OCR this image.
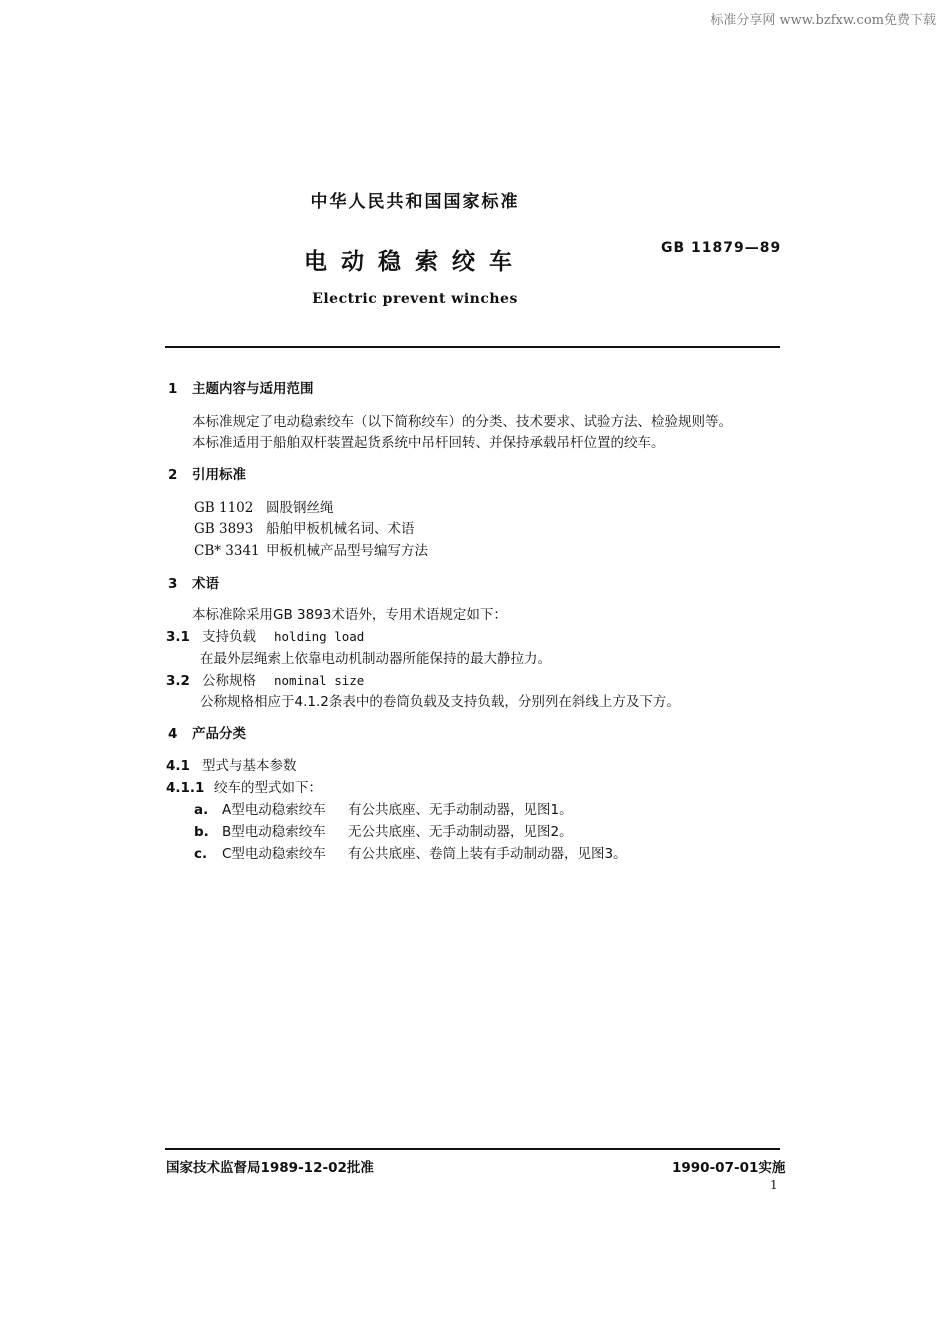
标准分享网 www.bzfxw.com免费下载
中华人民共和国国家标准
电动稳索绞车
GB 11879—89
Electric prevent winches
1 主题内容与适用范围
本标准规定了电动稳索绞车（以下简称绞车）的分类、技术要求、试验方法、检验规则等。
本标准适用于船舶双杆装置起货系统中吊杆回转、并保持承载吊杆位置的绞车。
2 引用标准
GB 1102 圆股钢丝绳
GB 3893 船舶甲板机械名词、术语
CB* 3341 甲板机械产品型号编写方法
3 术语
本标准除采用GB 3893术语外，专用术语规定如下：
3.1 支持负载 holding load
在最外层绳索上依靠电动机制动器所能保持的最大静拉力。
3.2 公称规格 nominal size
公称规格相应于4.1.2条表中的卷筒负载及支持负载，分别列在斜线上方及下方。
4 产品分类
4.1 型式与基本参数
4.1.1 绞车的型式如下：
a. A型电动稳索绞车 有公共底座、无手动制动器，见图1。
b. B型电动稳索绞车 无公共底座、无手动制动器，见图2。
c. C型电动稳索绞车 有公共底座、卷筒上装有手动制动器，见图3。
国家技术监督局1989-12-02批准	1990-07-01实施
1
